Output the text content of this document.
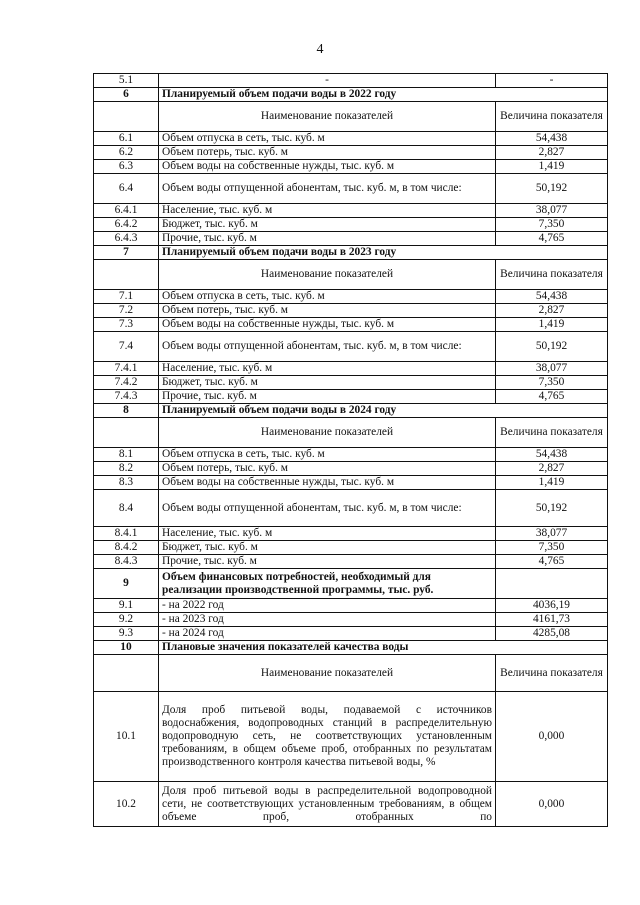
4
5.1	-	-
6	Планируемый объем подачи воды в 2022 году	
	Наименование показателей	Величина показателя
6.1	Объем отпуска в сеть, тыс. куб. м	54,438
6.2	Объем потерь, тыс. куб. м	2,827
6.3	Объем воды на собственные нужды, тыс. куб. м	1,419
6.4	Объем воды отпущенной абонентам, тыс. куб. м, в том числе:	50,192
6.4.1	Население, тыс. куб. м	38,077
6.4.2	Бюджет, тыс. куб. м	7,350
6.4.3	Прочие, тыс. куб. м	4,765
7	Планируемый объем подачи воды в 2023 году	
	Наименование показателей	Величина показателя
7.1	Объем отпуска в сеть, тыс. куб. м	54,438
7.2	Объем потерь, тыс. куб. м	2,827
7.3	Объем воды на собственные нужды, тыс. куб. м	1,419
7.4	Объем воды отпущенной абонентам, тыс. куб. м, в том числе:	50,192
7.4.1	Население, тыс. куб. м	38,077
7.4.2	Бюджет, тыс. куб. м	7,350
7.4.3	Прочие, тыс. куб. м	4,765
8	Планируемый объем подачи воды в 2024 году	
	Наименование показателей	Величина показателя
8.1	Объем отпуска в сеть, тыс. куб. м	54,438
8.2	Объем потерь, тыс. куб. м	2,827
8.3	Объем воды на собственные нужды, тыс. куб. м	1,419
8.4	Объем воды отпущенной абонентам, тыс. куб. м, в том числе:	50,192
8.4.1	Население, тыс. куб. м	38,077
8.4.2	Бюджет, тыс. куб. м	7,350
8.4.3	Прочие, тыс. куб. м	4,765
9	Объем финансовых потребностей, необходимый для реализации производственной программы, тыс. руб.	
9.1	- на 2022 год	4036,19
9.2	- на 2023 год	4161,73
9.3	- на 2024 год	4285,08
10	Плановые значения показателей качества воды	
	Наименование показателей	Величина показателя
10.1	Доля проб питьевой воды, подаваемой с источников водоснабжения, водопроводных станций в распределительную водопроводную сеть, не соответствующих установленным требованиям, в общем объеме проб, отобранных по результатам производственного контроля качества питьевой воды, %	0,000
10.2	Доля проб питьевой воды в распределительной водопроводной сети, не соответствующих установленным требованиям, в общем объеме проб, отобранных по	0,000
